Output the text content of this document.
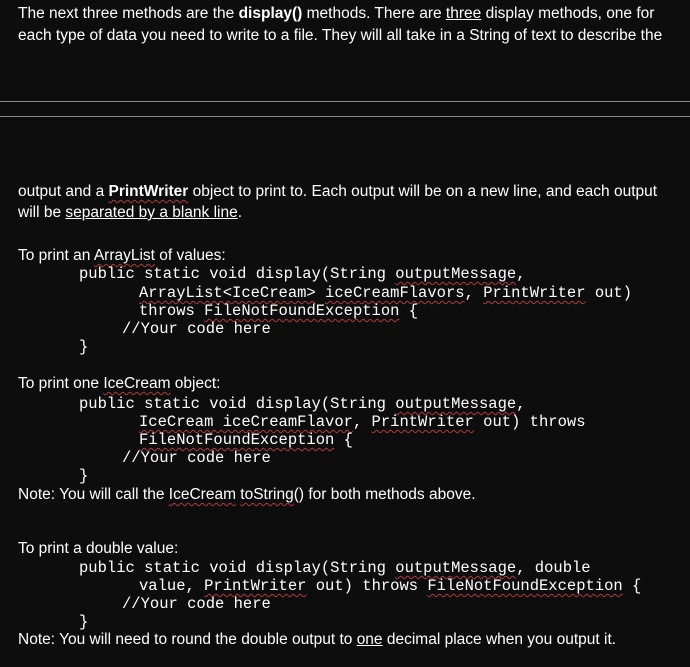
The next three methods are the display() methods. There are three display methods, one for
each type of data you need to write to a file. They will all take in a String of text to describe the
output and a PrintWriter object to print to. Each output will be on a new line, and each output
will be separated by a blank line.
To print an ArrayList of values:
public static void display(String outputMessage,
ArrayList<IceCream> iceCreamFlavors, PrintWriter out)
throws FileNotFoundException {
//Your code here
}
To print one IceCream object:
public static void display(String outputMessage,
IceCream iceCreamFlavor, PrintWriter out) throws
FileNotFoundException {
//Your code here
}
Note: You will call the IceCream toString() for both methods above.
To print a double value:
public static void display(String outputMessage, double
value, PrintWriter out) throws FileNotFoundException {
//Your code here
}
Note: You will need to round the double output to one decimal place when you output it.
